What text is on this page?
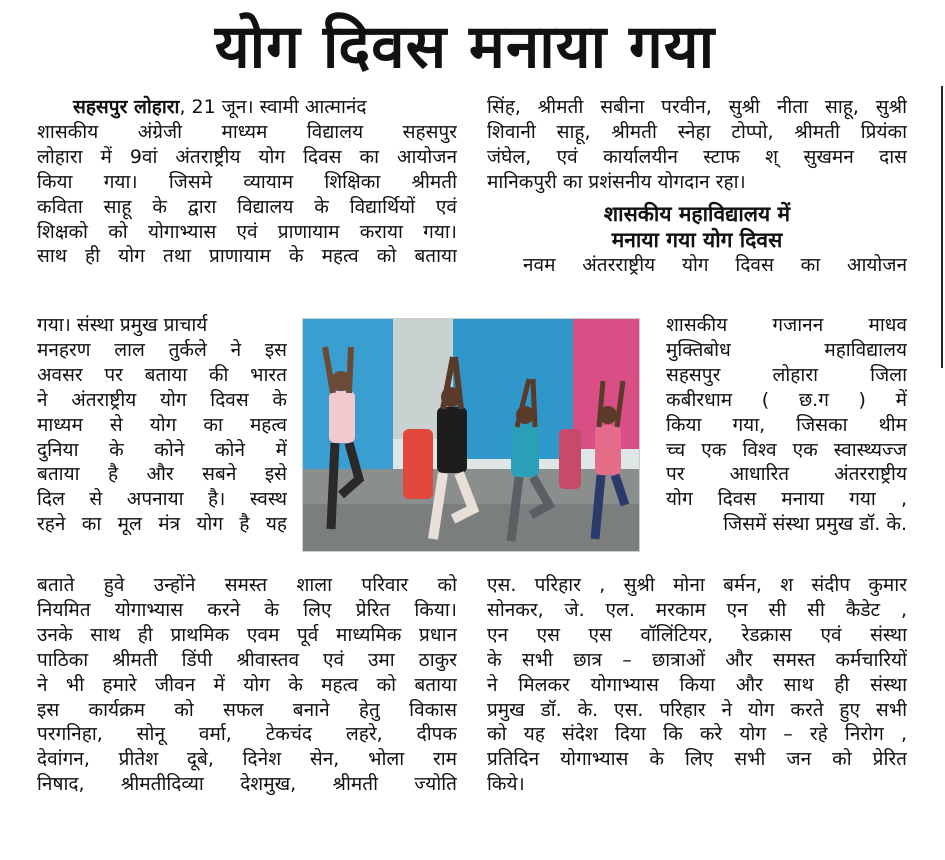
योग दिवस मनाया गया
सहसपुर लोहारा, 21 जून। स्वामी आत्मानंद
शासकीय अंग्रेजी माध्यम विद्यालय सहसपुर
लोहारा में 9वां अंतराष्ट्रीय योग दिवस का आयोजन
किया गया। जिसमे व्यायाम शिक्षिका श्रीमती
कविता साहू के द्वारा विद्यालय के विद्यार्थियों एवं
शिक्षको को योगाभ्यास एवं प्राणायाम कराया गया।
साथ ही योग तथा प्राणायाम के महत्व को बताया
गया। संस्था प्रमुख प्राचार्य
मनहरण लाल तुर्कले ने इस
अवसर पर बताया की भारत
ने अंतराष्ट्रीय योग दिवस के
माध्यम से योग का महत्व
दुनिया के कोने कोने में
बताया है और सबने इसे
दिल से अपनाया है। स्वस्थ
रहने का मूल मंत्र योग है यह
बताते हुवे उन्होंने समस्त शाला परिवार को
नियमित योगाभ्यास करने के लिए प्रेरित किया।
उनके साथ ही प्राथमिक एवम पूर्व माध्यमिक प्रधान
पाठिका श्रीमती डिंपी श्रीवास्तव एवं उमा ठाकुर
ने भी हमारे जीवन में योग के महत्व को बताया
इस कार्यक्रम को सफल बनाने हेतु विकास
परगनिहा, सोनू वर्मा, टेकचंद लहरे, दीपक
देवांगन, प्रीतेश दूबे, दिनेश सेन, भोला राम
निषाद, श्रीमतीदिव्या देशमुख, श्रीमती ज्योति
सिंह, श्रीमती सबीना परवीन, सुश्री नीता साहू, सुश्री
शिवानी साहू, श्रीमती स्नेहा टोप्पो, श्रीमती प्रियंका
जंघेल, एवं कार्यालयीन स्टाफ श् सुखमन दास
मानिकपुरी का प्रशंसनीय योगदान रहा।
शासकीय महाविद्यालय में
मनाया गया योग दिवस
नवम अंतरराष्ट्रीय योग दिवस का आयोजन
शासकीय गजानन माधव
मुक्तिबोध महाविद्यालय
सहसपुर लोहारा जिला
कबीरधाम ( छ.ग ) में
किया गया, जिसका थीम
च्च एक विश्व एक स्वास्थ्यज्ज
पर आधारित अंतरराष्ट्रीय
योग दिवस मनाया गया ,
जिसमें संस्था प्रमुख डॉ. के.
एस. परिहार , सुश्री मोना बर्मन, श संदीप कुमार
सोनकर, जे. एल. मरकाम एन सी सी कैडेट ,
एन एस एस वॉलिंटियर, रेडक्रास एवं संस्था
के सभी छात्र – छात्राओं और समस्त कर्मचारियों
ने मिलकर योगाभ्यास किया और साथ ही संस्था
प्रमुख डॉ. के. एस. परिहार ने योग करते हुए सभी
को यह संदेश दिया कि करे योग – रहे निरोग ,
प्रतिदिन योगाभ्यास के लिए सभी जन को प्रेरित
किये।
